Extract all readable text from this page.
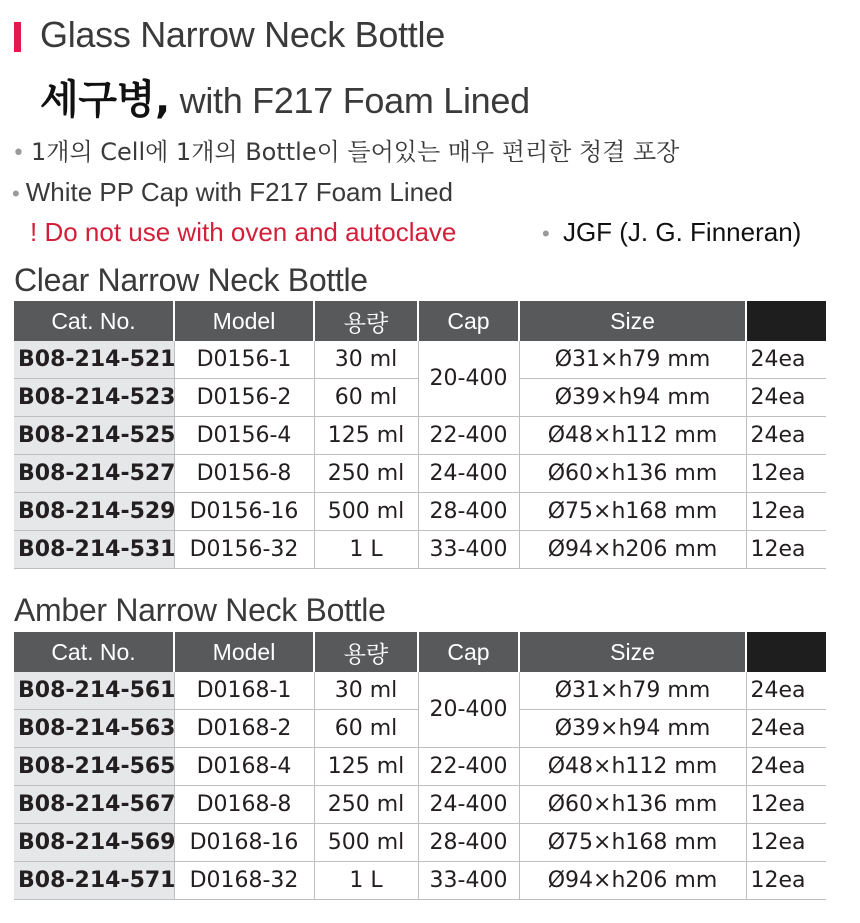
Glass Narrow Neck Bottle
세구병, with F217 Foam Lined
• 1개의 Cell에 1개의 Bottle이 들어있는 매우 편리한 청결 포장
• White PP Cap with F217 Foam Lined
! Do not use with oven and autoclave	• JGF (J. G. Finneran)
Clear Narrow Neck Bottle
Cat. No.	Model	용량	Cap	Size	
B08-214-521	D0156-1	30 ml	20-400	Ø31×h79 mm	24ea
B08-214-523	D0156-2	60 ml		Ø39×h94 mm	24ea
B08-214-525	D0156-4	125 ml	22-400	Ø48×h112 mm	24ea
B08-214-527	D0156-8	250 ml	24-400	Ø60×h136 mm	12ea
B08-214-529	D0156-16	500 ml	28-400	Ø75×h168 mm	12ea
B08-214-531	D0156-32	1 L	33-400	Ø94×h206 mm	12ea
Amber Narrow Neck Bottle
Cat. No.	Model	용량	Cap	Size	
B08-214-561	D0168-1	30 ml	20-400	Ø31×h79 mm	24ea
B08-214-563	D0168-2	60 ml		Ø39×h94 mm	24ea
B08-214-565	D0168-4	125 ml	22-400	Ø48×h112 mm	24ea
B08-214-567	D0168-8	250 ml	24-400	Ø60×h136 mm	12ea
B08-214-569	D0168-16	500 ml	28-400	Ø75×h168 mm	12ea
B08-214-571	D0168-32	1 L	33-400	Ø94×h206 mm	12ea
